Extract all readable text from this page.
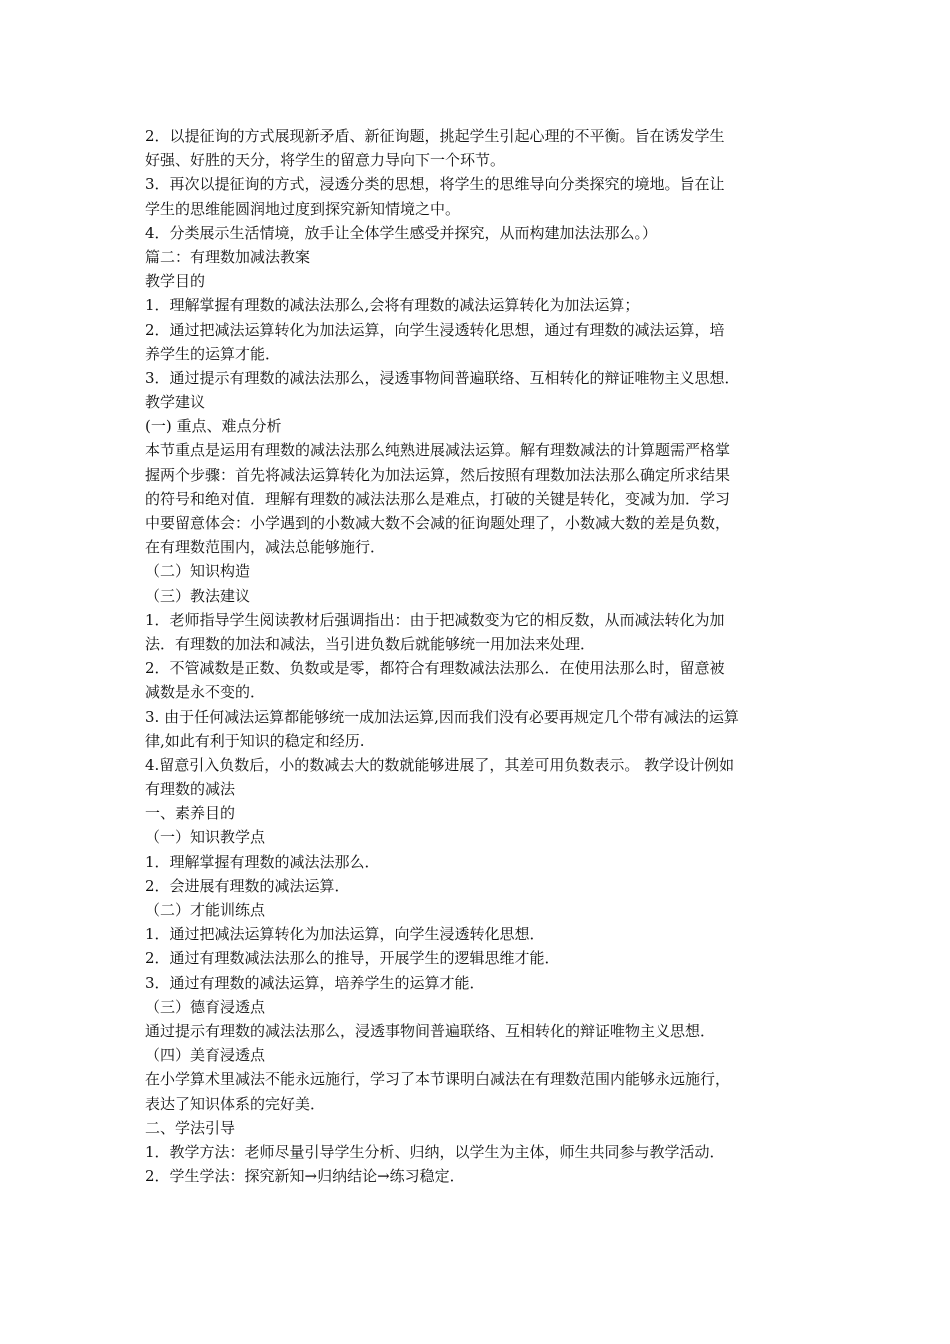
2．以提征询的方式展现新矛盾、新征询题，挑起学生引起心理的不平衡。旨在诱发学生
好强、好胜的天分，将学生的留意力导向下一个环节。
3．再次以提征询的方式，浸透分类的思想，将学生的思维导向分类探究的境地。旨在让
学生的思维能圆润地过度到探究新知情境之中。
4．分类展示生活情境，放手让全体学生感受并探究，从而构建加法法那么。）
篇二：有理数加减法教案
教学目的
1．理解掌握有理数的减法法那么,会将有理数的减法运算转化为加法运算；
2．通过把减法运算转化为加法运算，向学生浸透转化思想，通过有理数的减法运算，培
养学生的运算才能．
3．通过提示有理数的减法法那么，浸透事物间普遍联络、互相转化的辩证唯物主义思想．
教学建议
(一) 重点、难点分析
本节重点是运用有理数的减法法那么纯熟进展减法运算。解有理数减法的计算题需严格掌
握两个步骤：首先将减法运算转化为加法运算，然后按照有理数加法法那么确定所求结果
的符号和绝对值．理解有理数的减法法那么是难点，打破的关键是转化，变减为加．学习
中要留意体会：小学遇到的小数减大数不会减的征询题处理了，小数减大数的差是负数，
在有理数范围内，减法总能够施行．
（二）知识构造
（三）教法建议
1．老师指导学生阅读教材后强调指出：由于把减数变为它的相反数，从而减法转化为加
法．有理数的加法和减法，当引进负数后就能够统一用加法来处理．
2．不管减数是正数、负数或是零，都符合有理数减法法那么．在使用法那么时，留意被
减数是永不变的．
3. 由于任何减法运算都能够统一成加法运算,因而我们没有必要再规定几个带有减法的运算
律,如此有利于知识的稳定和经历.
4.留意引入负数后，小的数减去大的数就能够进展了，其差可用负数表示。 教学设计例如
有理数的减法
一、素养目的
（一）知识教学点
1．理解掌握有理数的减法法那么．
2．会进展有理数的减法运算．
（二）才能训练点
1．通过把减法运算转化为加法运算，向学生浸透转化思想．
2．通过有理数减法法那么的推导，开展学生的逻辑思维才能．
3．通过有理数的减法运算，培养学生的运算才能．
（三）德育浸透点
通过提示有理数的减法法那么，浸透事物间普遍联络、互相转化的辩证唯物主义思想．
（四）美育浸透点
在小学算术里减法不能永远施行，学习了本节课明白减法在有理数范围内能够永远施行，
表达了知识体系的完好美．
二、学法引导
1．教学方法：老师尽量引导学生分析、归纳，以学生为主体，师生共同参与教学活动．
2．学生学法：探究新知→归纳结论→练习稳定．
